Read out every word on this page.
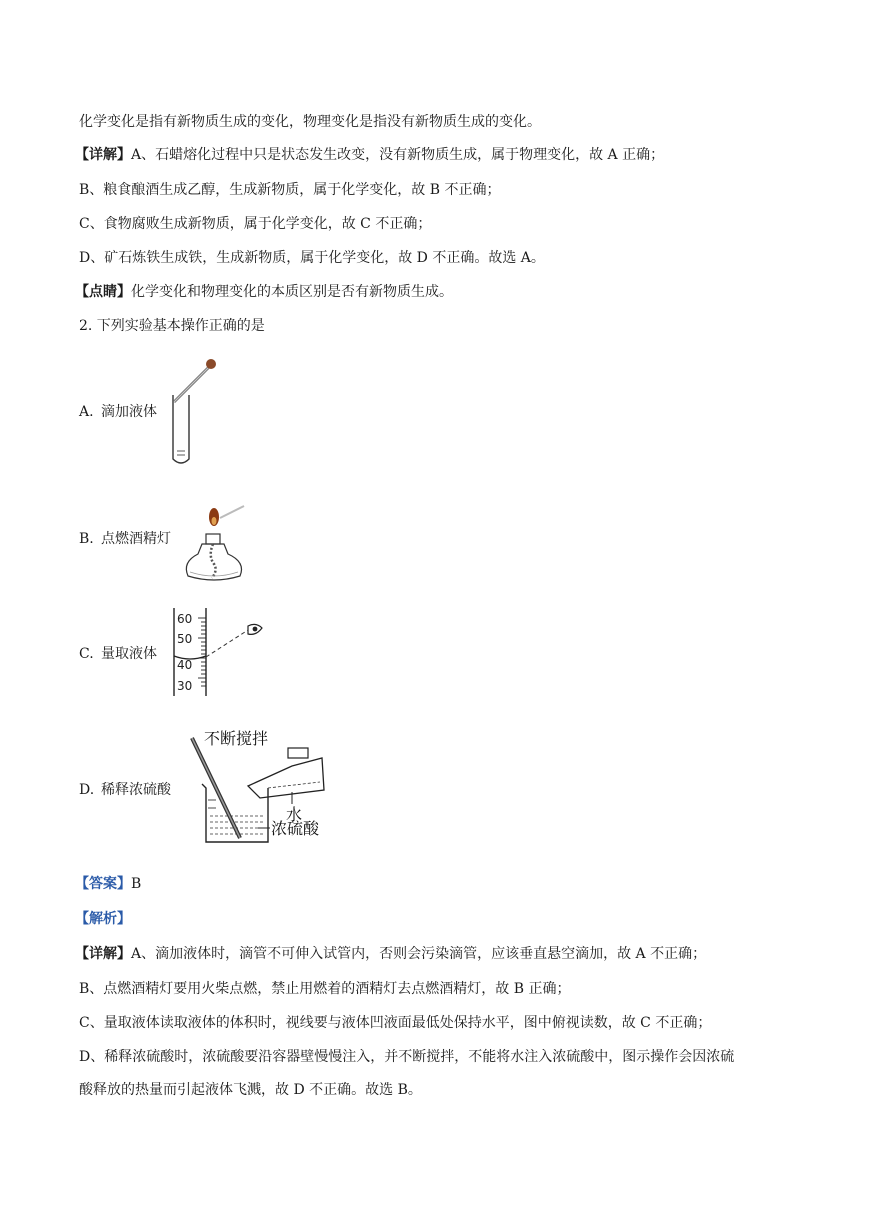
化学变化是指有新物质生成的变化，物理变化是指没有新物质生成的变化。
【详解】A、石蜡熔化过程中只是状态发生改变，没有新物质生成，属于物理变化，故 A 正确；
B、粮食酿酒生成乙醇，生成新物质，属于化学变化，故 B 不正确；
C、食物腐败生成新物质，属于化学变化，故 C 不正确；
D、矿石炼铁生成铁，生成新物质，属于化学变化，故 D 不正确。故选 A。
【点睛】化学变化和物理变化的本质区别是否有新物质生成。
2. 下列实验基本操作正确的是
A. 滴加液体
B. 点燃酒精灯
C. 量取液体
60
50
40
30
D. 稀释浓硫酸
不断搅拌
水
浓硫酸
【答案】B
【解析】
【详解】A、滴加液体时，滴管不可伸入试管内，否则会污染滴管，应该垂直悬空滴加，故 A 不正确；
B、点燃酒精灯要用火柴点燃，禁止用燃着的酒精灯去点燃酒精灯，故 B 正确；
C、量取液体读取液体的体积时，视线要与液体凹液面最低处保持水平，图中俯视读数，故 C 不正确；
D、稀释浓硫酸时，浓硫酸要沿容器壁慢慢注入，并不断搅拌，不能将水注入浓硫酸中，图示操作会因浓硫
酸释放的热量而引起液体飞溅，故 D 不正确。故选 B。
